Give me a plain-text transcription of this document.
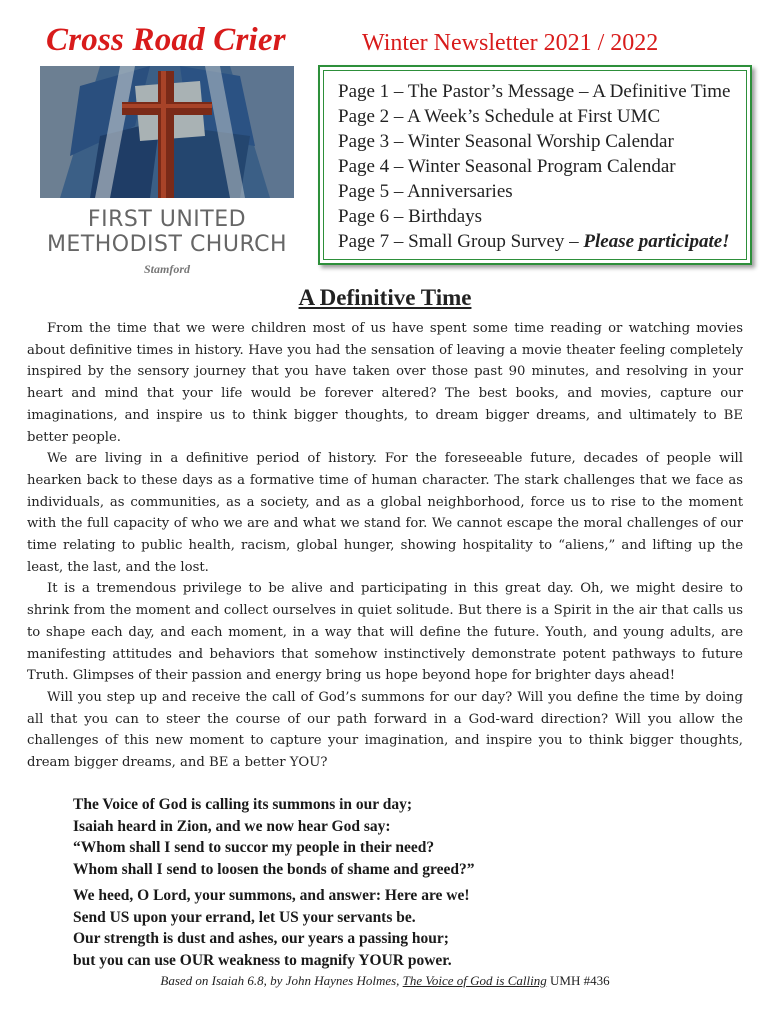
Cross Road Crier	Winter Newsletter 2021 / 2022
FIRST UNITED
METHODIST CHURCH
Stamford
Page 1 – The Pastor’s Message – A Definitive Time
Page 2 – A Week’s Schedule at First UMC
Page 3 – Winter Seasonal Worship Calendar
Page 4 – Winter Seasonal Program Calendar
Page 5 – Anniversaries
Page 6 – Birthdays
Page 7 – Small Group Survey – Please participate!
A Definitive Time

From the time that we were children most of us have spent some time reading or watching movies about definitive times in history. Have you had the sensation of leaving a movie theater feeling completely inspired by the sensory journey that you have taken over those past 90 minutes, and resolving in your heart and mind that your life would be forever altered? The best books, and movies, capture our imaginations, and inspire us to think bigger thoughts, to dream bigger dreams, and ultimately to BE better people.

We are living in a definitive period of history. For the foreseeable future, decades of people will hearken back to these days as a formative time of human character. The stark challenges that we face as individuals, as communities, as a society, and as a global neighborhood, force us to rise to the moment with the full capacity of who we are and what we stand for. We cannot escape the moral challenges of our time relating to public health, racism, global hunger, showing hospitality to “aliens,” and lifting up the least, the last, and the lost.

It is a tremendous privilege to be alive and participating in this great day. Oh, we might desire to shrink from the moment and collect ourselves in quiet solitude. But there is a Spirit in the air that calls us to shape each day, and each moment, in a way that will define the future. Youth, and young adults, are manifesting attitudes and behaviors that somehow instinctively demonstrate potent pathways to future Truth. Glimpses of their passion and energy bring us hope beyond hope for brighter days ahead!

Will you step up and receive the call of God’s summons for our day? Will you define the time by doing all that you can to steer the course of our path forward in a God-ward direction? Will you allow the challenges of this new moment to capture your imagination, and inspire you to think bigger thoughts, dream bigger dreams, and BE a better YOU?

The Voice of God is calling its summons in our day;
Isaiah heard in Zion, and we now hear God say:
“Whom shall I send to succor my people in their need?
Whom shall I send to loosen the bonds of shame and greed?”
We heed, O Lord, your summons, and answer: Here are we!
Send US upon your errand, let US your servants be.
Our strength is dust and ashes, our years a passing hour;
but you can use OUR weakness to magnify YOUR power.
Based on Isaiah 6.8, by John Haynes Holmes, The Voice of God is Calling UMH #436
